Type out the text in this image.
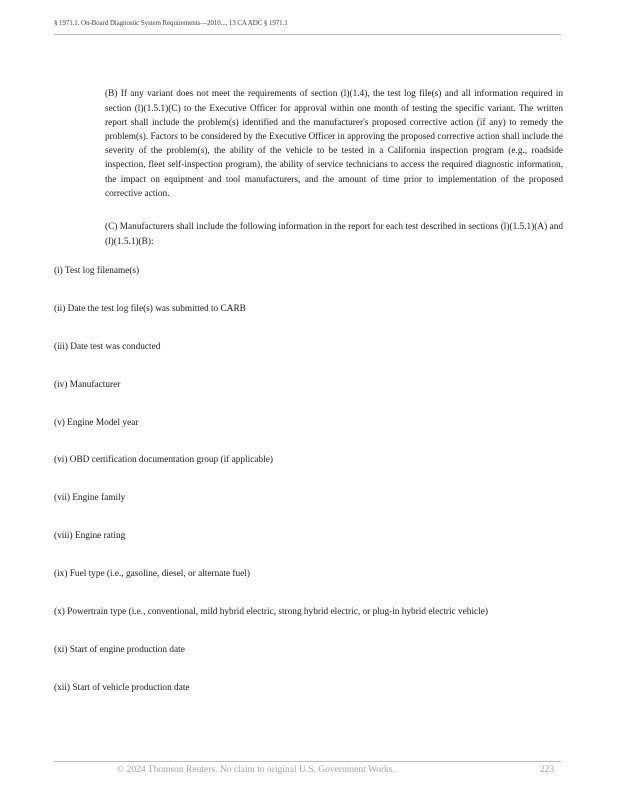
§ 1971.1. On-Board Diagnostic System Requirements—2010..., 13 CA ADC § 1971.1

(B) If any variant does not meet the requirements of section (l)(1.4), the test log file(s) and all information required in section (l)(1.5.1)(C) to the Executive Officer for approval within one month of testing the specific variant. The written report shall include the problem(s) identified and the manufacturer's proposed corrective action (if any) to remedy the problem(s). Factors to be considered by the Executive Officer in approving the proposed corrective action shall include the severity of the problem(s), the ability of the vehicle to be tested in a California inspection program (e.g., roadside inspection, fleet self-inspection program), the ability of service technicians to access the required diagnostic information, the impact on equipment and tool manufacturers, and the amount of time prior to implementation of the proposed corrective action.

(C) Manufacturers shall include the following information in the report for each test described in sections (l)(1.5.1)(A) and (l)(1.5.1)(B):

(i) Test log filename(s)
(ii) Date the test log file(s) was submitted to CARB
(iii) Date test was conducted
(iv) Manufacturer
(v) Engine Model year
(vi) OBD certification documentation group (if applicable)
(vii) Engine family
(viii) Engine rating
(ix) Fuel type (i.e., gasoline, diesel, or alternate fuel)
(x) Powertrain type (i.e., conventional, mild hybrid electric, strong hybrid electric, or plug-in hybrid electric vehicle)
(xi) Start of engine production date
(xii) Start of vehicle production date
© 2024 Thomson Reuters. No claim to original U.S. Government Works.	223
